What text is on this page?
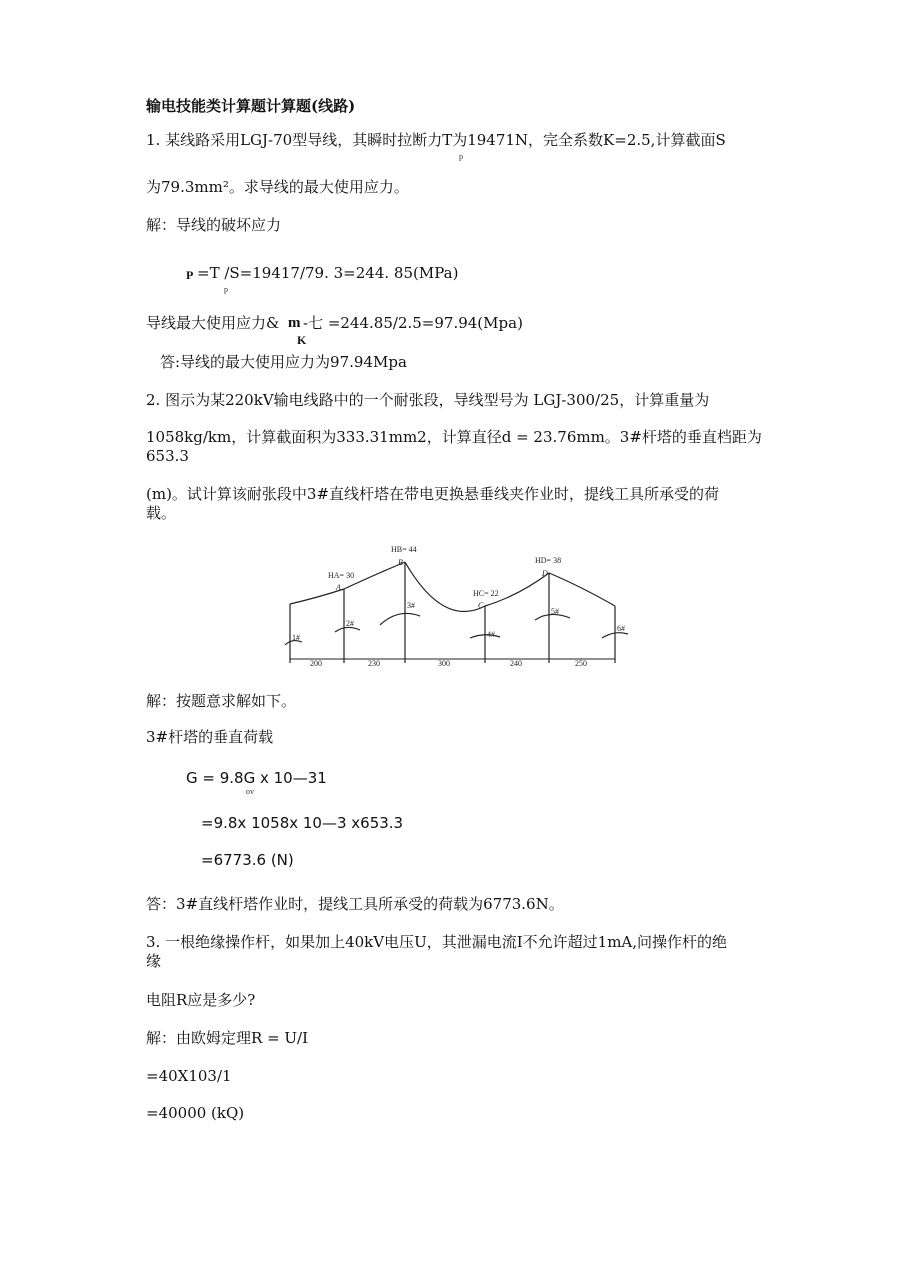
输电技能类计算题计算题(线路)
1. 某线路采用LGJ-70型导线，其瞬时拉断力T为19471N，完全系数K=2.5,计算截面S
p
为79.3mm²。求导线的最大使用应力。
解：导线的破坏应力
P =T /S=19417/79. 3=244. 85(MPa)
p
导线最大使用应力& m -七 =244.85/2.5=97.94(Mpa)
K
答:导线的最大使用应力为97.94Mpa
2. 图示为某220kV输电线路中的一个耐张段，导线型号为 LGJ-300/25，计算重量为
1058kg/km，计算截面积为333.31mm2，计算直径d = 23.76mm。3#杆塔的垂直档距为
653.3
(m)。试计算该耐张段中3#直线杆塔在带电更换悬垂线夹作业时，提线工具所承受的荷
载。
HA= 30
HB= 44
HC= 22
HD= 38
A
B
C
D
1#
2#
3#
4#
5#
6#
200	230	300	240	250
解：按题意求解如下。
3#杆塔的垂直荷载
G = 9.8G x 10—31
ov
=9.8x 1058x 10—3 x653.3
=6773.6 (N)
答：3#直线杆塔作业时，提线工具所承受的荷载为6773.6N。
3. 一根绝缘操作杆，如果加上40kV电压U，其泄漏电流I不允许超过1mA,问操作杆的绝
缘
电阻R应是多少?
解：由欧姆定理R = U/I
=40X103/1
=40000 (kQ)
